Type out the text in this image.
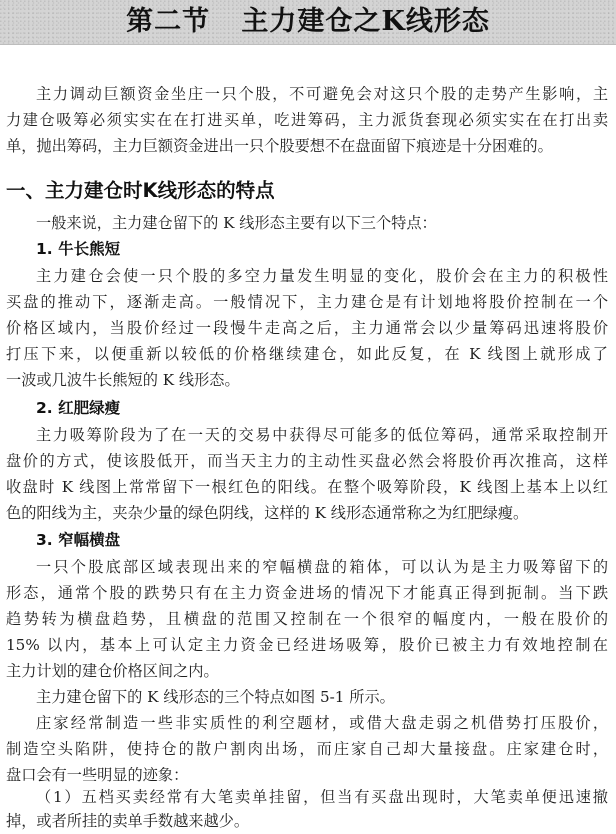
第二节   主力建仓之K线形态
主力调动巨额资金坐庄一只个股，不可避免会对这只个股的走势产生影响，主
力建仓吸筹必须实实在在打进买单，吃进筹码，主力派货套现必须实实在在打出卖
单，抛出筹码，主力巨额资金进出一只个股要想不在盘面留下痕迹是十分困难的。
一、主力建仓时K线形态的特点
一般来说，主力建仓留下的 K 线形态主要有以下三个特点：
1. 牛长熊短
主力建仓会使一只个股的多空力量发生明显的变化，股价会在主力的积极性
买盘的推动下，逐渐走高。一般情况下，主力建仓是有计划地将股价控制在一个
价格区域内，当股价经过一段慢牛走高之后，主力通常会以少量筹码迅速将股价
打压下来，以便重新以较低的价格继续建仓，如此反复，在 K 线图上就形成了
一波或几波牛长熊短的 K 线形态。
2. 红肥绿瘦
主力吸筹阶段为了在一天的交易中获得尽可能多的低位筹码，通常采取控制开
盘价的方式，使该股低开，而当天主力的主动性买盘必然会将股价再次推高，这样
收盘时 K 线图上常常留下一根红色的阳线。在整个吸筹阶段，K 线图上基本上以红
色的阳线为主，夹杂少量的绿色阴线，这样的 K 线形态通常称之为红肥绿瘦。
3. 窄幅横盘
一只个股底部区域表现出来的窄幅横盘的箱体，可以认为是主力吸筹留下的
形态，通常个股的跌势只有在主力资金进场的情况下才能真正得到扼制。当下跌
趋势转为横盘趋势，且横盘的范围又控制在一个很窄的幅度内，一般在股价的
15% 以内，基本上可认定主力资金已经进场吸筹，股价已被主力有效地控制在
主力计划的建仓价格区间之内。
主力建仓留下的 K 线形态的三个特点如图 5-1 所示。
庄家经常制造一些非实质性的利空题材，或借大盘走弱之机借势打压股价，
制造空头陷阱，使持仓的散户割肉出场，而庄家自己却大量接盘。庄家建仓时，
盘口会有一些明显的迹象：
（1）五档买卖经常有大笔卖单挂留，但当有买盘出现时，大笔卖单便迅速撤
掉，或者所挂的卖单手数越来越少。
